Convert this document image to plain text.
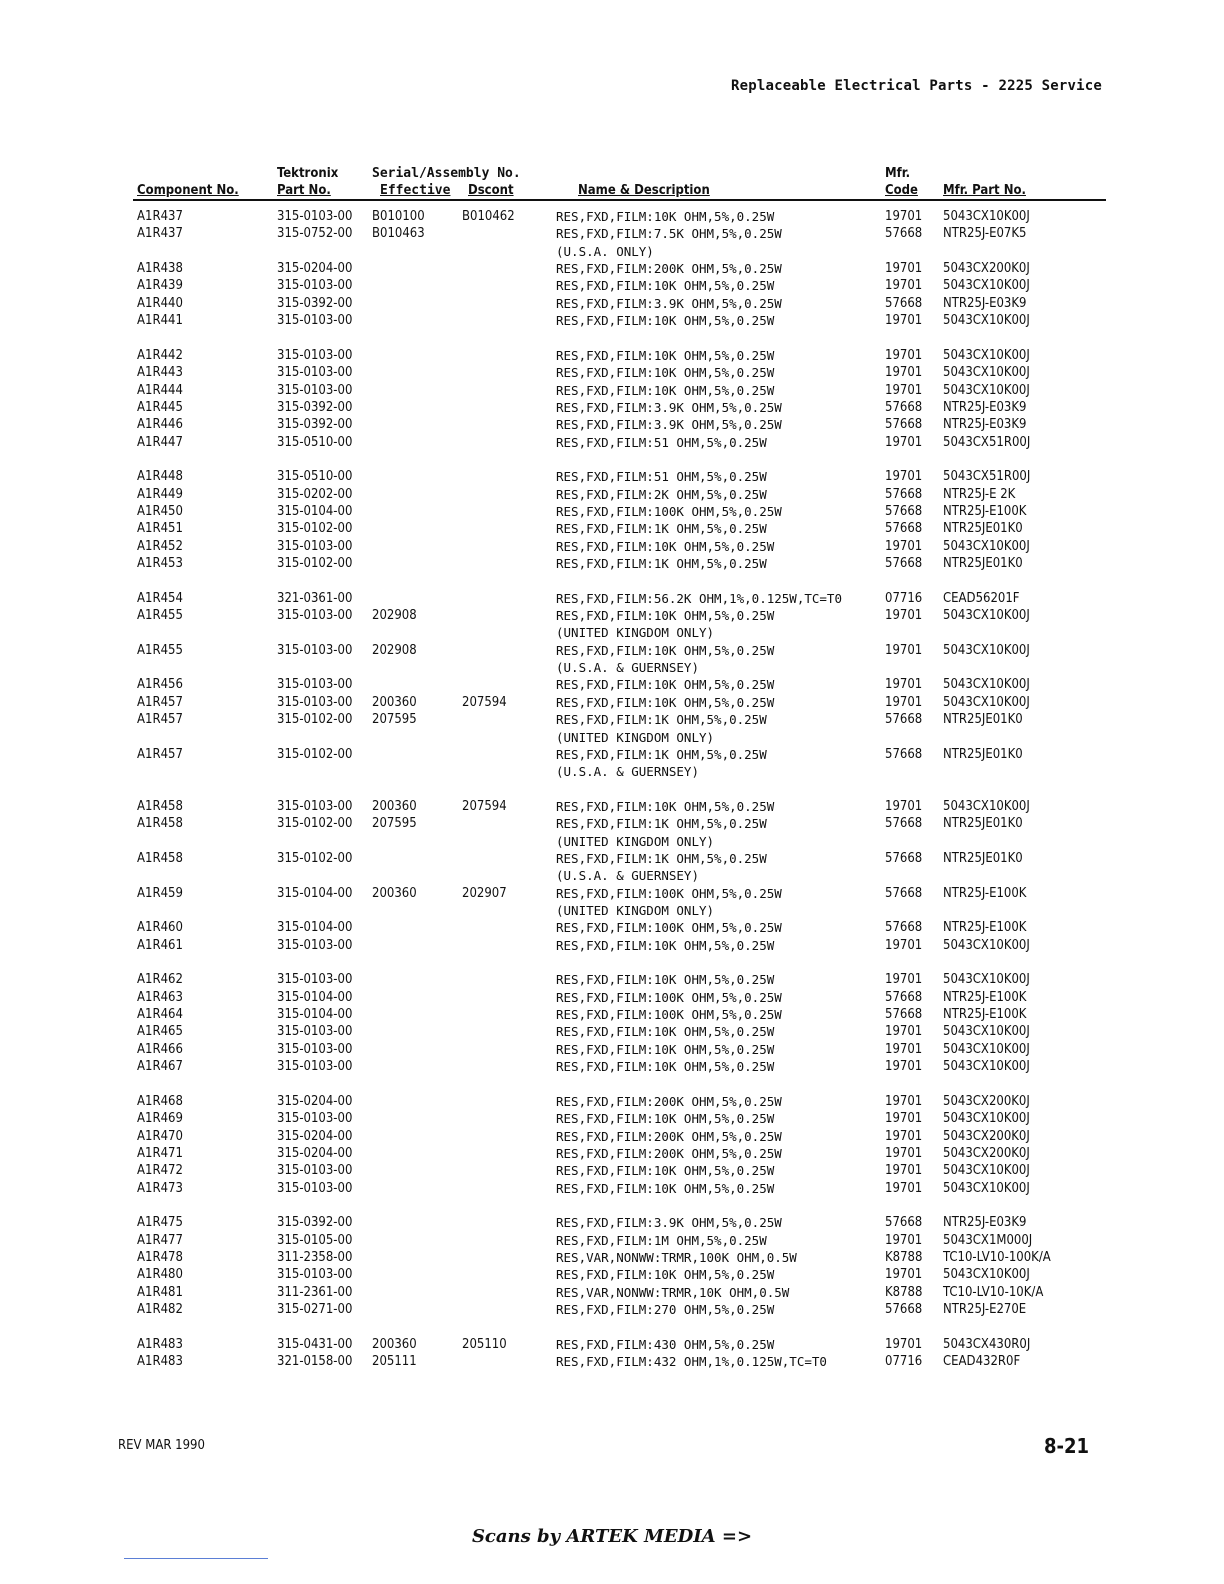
Replaceable Electrical Parts - 2225 Service
Tektronix	Serial/Assembly No.	Mfr.
Component No.	Part No.	Effective Dscont	Name & Description	Code Mfr. Part No.
A1R437	315-0103-00 B010100	B010462	RES,FXD,FILM:10K OHM,5%,0.25W	19701 5043CX10K00J
A1R437	315-0752-00 B010463	RES,FXD,FILM:7.5K OHM,5%,0.25W	57668 NTR25J-E07K5
(U.S.A. ONLY)
A1R438	315-0204-00	RES,FXD,FILM:200K OHM,5%,0.25W	19701 5043CX200K0J
A1R439	315-0103-00	RES,FXD,FILM:10K OHM,5%,0.25W	19701 5043CX10K00J
A1R440	315-0392-00	RES,FXD,FILM:3.9K OHM,5%,0.25W	57668 NTR25J-E03K9
A1R441	315-0103-00	RES,FXD,FILM:10K OHM,5%,0.25W	19701 5043CX10K00J
A1R442	315-0103-00	RES,FXD,FILM:10K OHM,5%,0.25W	19701 5043CX10K00J
A1R443	315-0103-00	RES,FXD,FILM:10K OHM,5%,0.25W	19701 5043CX10K00J
A1R444	315-0103-00	RES,FXD,FILM:10K OHM,5%,0.25W	19701 5043CX10K00J
A1R445	315-0392-00	RES,FXD,FILM:3.9K OHM,5%,0.25W	57668 NTR25J-E03K9
A1R446	315-0392-00	RES,FXD,FILM:3.9K OHM,5%,0.25W	57668 NTR25J-E03K9
A1R447	315-0510-00	RES,FXD,FILM:51 OHM,5%,0.25W	19701 5043CX51R00J
A1R448	315-0510-00	RES,FXD,FILM:51 OHM,5%,0.25W	19701 5043CX51R00J
A1R449	315-0202-00	RES,FXD,FILM:2K OHM,5%,0.25W	57668 NTR25J-E 2K
A1R450	315-0104-00	RES,FXD,FILM:100K OHM,5%,0.25W	57668 NTR25J-E100K
A1R451	315-0102-00	RES,FXD,FILM:1K OHM,5%,0.25W	57668 NTR25JE01K0
A1R452	315-0103-00	RES,FXD,FILM:10K OHM,5%,0.25W	19701 5043CX10K00J
A1R453	315-0102-00	RES,FXD,FILM:1K OHM,5%,0.25W	57668 NTR25JE01K0
A1R454	321-0361-00	RES,FXD,FILM:56.2K OHM,1%,0.125W,TC=T0	07716 CEAD56201F
A1R455	315-0103-00 202908	RES,FXD,FILM:10K OHM,5%,0.25W	19701 5043CX10K00J
(UNITED KINGDOM ONLY)
A1R455	315-0103-00 202908	RES,FXD,FILM:10K OHM,5%,0.25W	19701 5043CX10K00J
(U.S.A. & GUERNSEY)
A1R456	315-0103-00	RES,FXD,FILM:10K OHM,5%,0.25W	19701 5043CX10K00J
A1R457	315-0103-00 200360	207594	RES,FXD,FILM:10K OHM,5%,0.25W	19701 5043CX10K00J
A1R457	315-0102-00 207595	RES,FXD,FILM:1K OHM,5%,0.25W	57668 NTR25JE01K0
(UNITED KINGDOM ONLY)
A1R457	315-0102-00	RES,FXD,FILM:1K OHM,5%,0.25W	57668 NTR25JE01K0
(U.S.A. & GUERNSEY)
A1R458	315-0103-00 200360	207594	RES,FXD,FILM:10K OHM,5%,0.25W	19701 5043CX10K00J
A1R458	315-0102-00 207595	RES,FXD,FILM:1K OHM,5%,0.25W	57668 NTR25JE01K0
(UNITED KINGDOM ONLY)
A1R458	315-0102-00	RES,FXD,FILM:1K OHM,5%,0.25W	57668 NTR25JE01K0
(U.S.A. & GUERNSEY)
A1R459	315-0104-00 200360	202907	RES,FXD,FILM:100K OHM,5%,0.25W	57668 NTR25J-E100K
(UNITED KINGDOM ONLY)
A1R460	315-0104-00	RES,FXD,FILM:100K OHM,5%,0.25W	57668 NTR25J-E100K
A1R461	315-0103-00	RES,FXD,FILM:10K OHM,5%,0.25W	19701 5043CX10K00J
A1R462	315-0103-00	RES,FXD,FILM:10K OHM,5%,0.25W	19701 5043CX10K00J
A1R463	315-0104-00	RES,FXD,FILM:100K OHM,5%,0.25W	57668 NTR25J-E100K
A1R464	315-0104-00	RES,FXD,FILM:100K OHM,5%,0.25W	57668 NTR25J-E100K
A1R465	315-0103-00	RES,FXD,FILM:10K OHM,5%,0.25W	19701 5043CX10K00J
A1R466	315-0103-00	RES,FXD,FILM:10K OHM,5%,0.25W	19701 5043CX10K00J
A1R467	315-0103-00	RES,FXD,FILM:10K OHM,5%,0.25W	19701 5043CX10K00J
A1R468	315-0204-00	RES,FXD,FILM:200K OHM,5%,0.25W	19701 5043CX200K0J
A1R469	315-0103-00	RES,FXD,FILM:10K OHM,5%,0.25W	19701 5043CX10K00J
A1R470	315-0204-00	RES,FXD,FILM:200K OHM,5%,0.25W	19701 5043CX200K0J
A1R471	315-0204-00	RES,FXD,FILM:200K OHM,5%,0.25W	19701 5043CX200K0J
A1R472	315-0103-00	RES,FXD,FILM:10K OHM,5%,0.25W	19701 5043CX10K00J
A1R473	315-0103-00	RES,FXD,FILM:10K OHM,5%,0.25W	19701 5043CX10K00J
A1R475	315-0392-00	RES,FXD,FILM:3.9K OHM,5%,0.25W	57668 NTR25J-E03K9
A1R477	315-0105-00	RES,FXD,FILM:1M OHM,5%,0.25W	19701 5043CX1M000J
A1R478	311-2358-00	RES,VAR,NONWW:TRMR,100K OHM,0.5W	K8788 TC10-LV10-100K/A
A1R480	315-0103-00	RES,FXD,FILM:10K OHM,5%,0.25W	19701 5043CX10K00J
A1R481	311-2361-00	RES,VAR,NONWW:TRMR,10K OHM,0.5W	K8788 TC10-LV10-10K/A
A1R482	315-0271-00	RES,FXD,FILM:270 OHM,5%,0.25W	57668 NTR25J-E270E
A1R483	315-0431-00 200360	205110	RES,FXD,FILM:430 OHM,5%,0.25W	19701 5043CX430R0J
A1R483	321-0158-00 205111	RES,FXD,FILM:432 OHM,1%,0.125W,TC=T0	07716 CEAD432R0F
REV MAR 1990	8-21
Scans by ARTEK MEDIA =>
